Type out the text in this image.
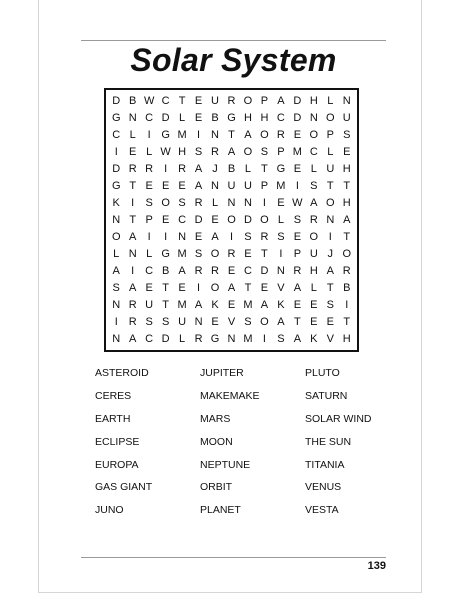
Solar System
D B W C T E U R O P A D H L N
G N C D L E B G H H C D N O U
C L	I G M I N T A O R E O P S
I	E L W H S R A O S P M C L E
D R R I R A J B L T G E L U H
G T E E E A N U U P M I	S T T
K	I	S O S R L N N I	E W A O H
N T P E C D E O D O L S R N A
O A	I	I N E A	I	S R S E O I	T
L N L G M S O R E T	I	P U J O
A	I C B A R R E C D N R H A R
S A E T E	I O A T E V A L T B
N R U T M A K E M A K E E S	I
I R S S U N E V S O A T E E T
N A C D L R G N M I	S A K V H
ASTEROID
CERES
EARTH
ECLIPSE
EUROPA
GAS GIANT
JUNO
JUPITER
MAKEMAKE
MARS
MOON
NEPTUNE
ORBIT
PLANET
PLUTO
SATURN
SOLAR WIND
THE SUN
TITANIA
VENUS
VESTA
139
